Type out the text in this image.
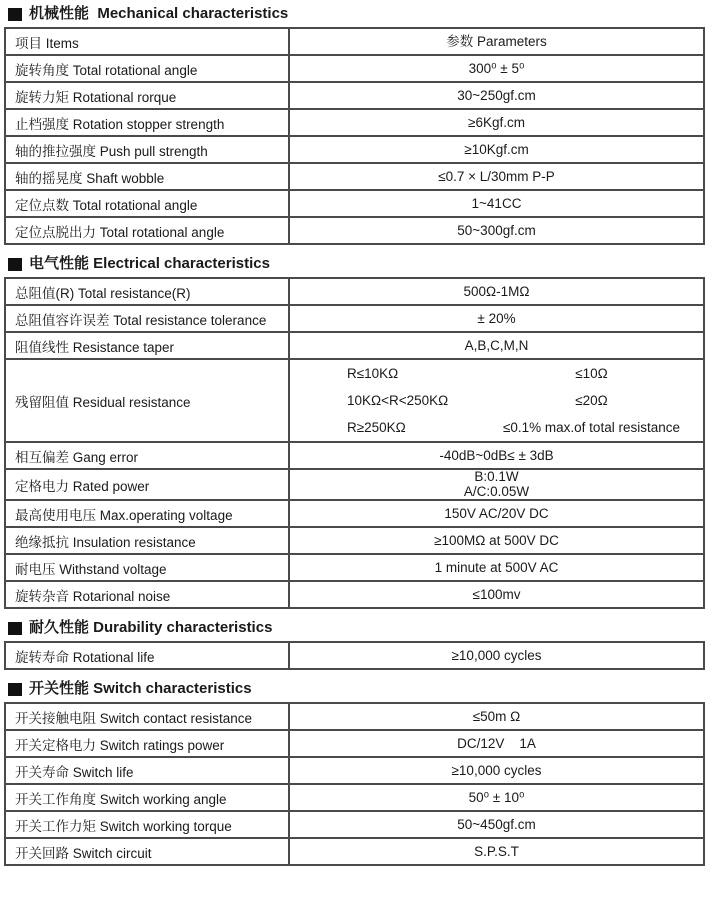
机械性能  Mechanical characteristics
项目 Items	参数 Parameters
旋转角度 Total rotational angle	300⁰ ± 5⁰
旋转力矩 Rotational rorque	30~250gf.cm
止档强度 Rotation stopper strength	≥6Kgf.cm
轴的推拉强度 Push pull strength	≥10Kgf.cm
轴的摇晃度 Shaft wobble	≤0.7 × L/30mm P-P
定位点数 Total rotational angle	1~41CC
定位点脱出力 Total rotational angle	50~300gf.cm
电气性能 Electrical characteristics
总阻值(R) Total resistance(R)	500Ω-1MΩ
总阻值容许误差 Total resistance tolerance	± 20%
阻值线性 Resistance taper	A,B,C,M,N
残留阻值 Residual resistance	
R≤10KΩ	≤10Ω
10KΩ<R<250KΩ	≤20Ω
R≥250KΩ	≤0.1% max.of total resistance

相互偏差 Gang error	-40dB~0dB≤ ± 3dB
定格电力 Rated power	B:0.1W
A/C:0.05W

最高使用电压 Max.operating voltage	150V AC/20V DC
绝缘抵抗 Insulation resistance	≥100MΩ at 500V DC
耐电压 Withstand voltage	1 minute at 500V AC
旋转杂音 Rotarional noise	≤100mv
耐久性能 Durability characteristics
旋转寿命 Rotational life	≥10,000 cycles
开关性能 Switch characteristics
开关接触电阻 Switch contact resistance	≤50m Ω
开关定格电力 Switch ratings power	DC/12V    1A
开关寿命 Switch life	≥10,000 cycles
开关工作角度 Switch working angle	50⁰ ± 10⁰
开关工作力矩 Switch working torque	50~450gf.cm
开关回路 Switch circuit	S.P.S.T
